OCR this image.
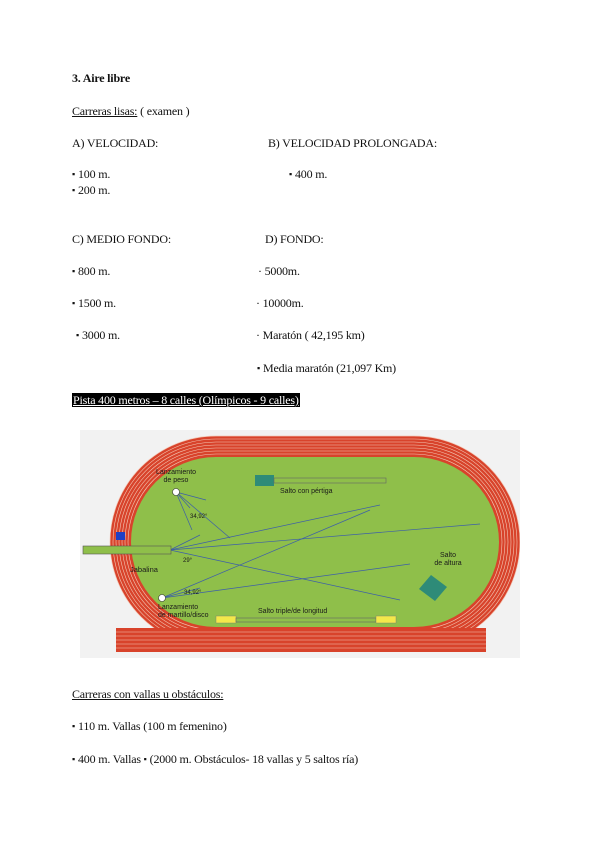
3. Aire libre
Carreras lisas: ( examen )
A) VELOCIDAD:	B) VELOCIDAD PROLONGADA:
▪ 100 m.
▪ 200 m.
▪ 400 m.
C) MEDIO FONDO:	D) FONDO:
▪ 800 m.
▪ 1500 m.
▪ 3000 m.
· 5000m.
· 10000m.
· Maratón ( 42,195 km)
▪ Media maratón (21,097 Km)
Pista 400 metros – 8 calles (Olímpicos - 9 calles)
Lanzamiento
de peso
Salto con pértiga
Jabalina
Salto
de altura
Lanzamiento
de martillo/disco
Salto triple/de longitud
34,92°
29°
34,92°
Carreras con vallas u obstáculos:
▪ 110 m. Vallas (100 m femenino)
▪ 400 m. Vallas ▪ (2000 m. Obstáculos- 18 vallas y 5 saltos ría)
